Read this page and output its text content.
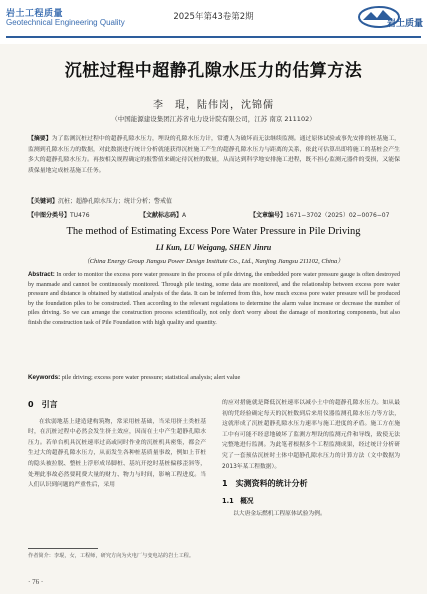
岩土工程质量
Geotechnical Engineering Quality
2025年第43卷第2期
岩土质量
沉桩过程中超静孔隙水压力的估算方法
李　琨，陆伟岗，沈锦儒
（中国能源建设集团江苏省电力设计院有限公司，江苏 南京 211102）
【摘要】为了监测沉桩过程中的超静孔隙水压力，埋设的孔隙水压力计，常遭人为破坏而无法继续监测。通过原体试验或事先安排的桩基施工，监测到孔隙水压力的数据，对此数据进行统计分析就能获得沉桩施工产生的超静孔隙水压力与距离的关系，依此可估算出即将施工的基桩会产生多大的超静孔隙水压力。再按相关规程确定的报警值来确定待沉桩的数量，从而达到科学地安排施工进程，既不担心监测元器件的受损，又能保质保量地完成桩基施工任务。
【关键词】沉桩；超静孔隙水压力；统计分析；警戒值
【中图分类号】TU476	【文献标志码】A	【文章编号】1671−3702（2025）02−0076−07
The method of Estimating Excess Pore Water Pressure in Pile Driving
LI Kun, LU Weigang, SHEN Jinru
（China Energy Group Jiangsu Power Design Institute Co., Ltd., Nanjing Jiangsu 211102, China）
Abstract: In order to monitor the excess pore water pressure in the process of pile driving, the embedded pore water pressure gauge is often destroyed by manmade and cannot be continuously monitored. Through pile testing, some data are monitored, and the relationship between excess pore water pressure and distance is obtained by statistical analysis of the data. It can be inferred from this, how much excess pore water pressure will be produced by the foundation piles to be constructed. Then according to the relevant regulations to determine the alarm value increase or decrease the number of piles driving. So we can arrange the construction process scientifically, not only don't worry about the damage of monitoring components, but also finish the construction task of Pile Foundation with high quality and quantity.
Keywords: pile driving; excess pore water pressure; statistical analysis; alert value
0　引言

在软弱地基上建造建构筑物，常采用桩基础，当采用挤土类桩基时，在沉桩过程中必然会发生挤土效应，因而在土中产生超静孔隙水压力。若单台机具沉桩速率过高或同时作业的沉桩机具密集，都会产生过大的超静孔隙水压力，从而发生各种桩基质量事故，例如上节桩的隐头被拉脱、整桩上浮形成吊脚桩、基坑开挖时基桩偏移歪斜等，处理此事故必然要耗费大量的财力、物力与时间，影响工程进度。当人们认识到问题的严重性后，采用

的应对措施就是降低沉桩速率以减小土中的超静孔隙水压力。如从最初的凭经验确定每天的沉桩数到后来用仪器监测孔隙水压力等方法，这就形成了沉桩超静孔隙水压力速率与施工进度的矛盾。施工方在施工中有可能不经意地破坏了监测方埋设的监测元件和导线，致使无法完整地进行监测。为此笔者根据多个工程监测成果，经过统计分析研究了一套预估沉桩时土体中超静孔隙水压力的计算方法（文中数据为2013年某工程数据）。

1　实测资料的统计分析
1.1　概况

以大唐金坛燃机工程原体试验为例。

作者简介：李琨，女，工程师，研究方向为火电厂与变电站的岩土工程。
· 76 ·
